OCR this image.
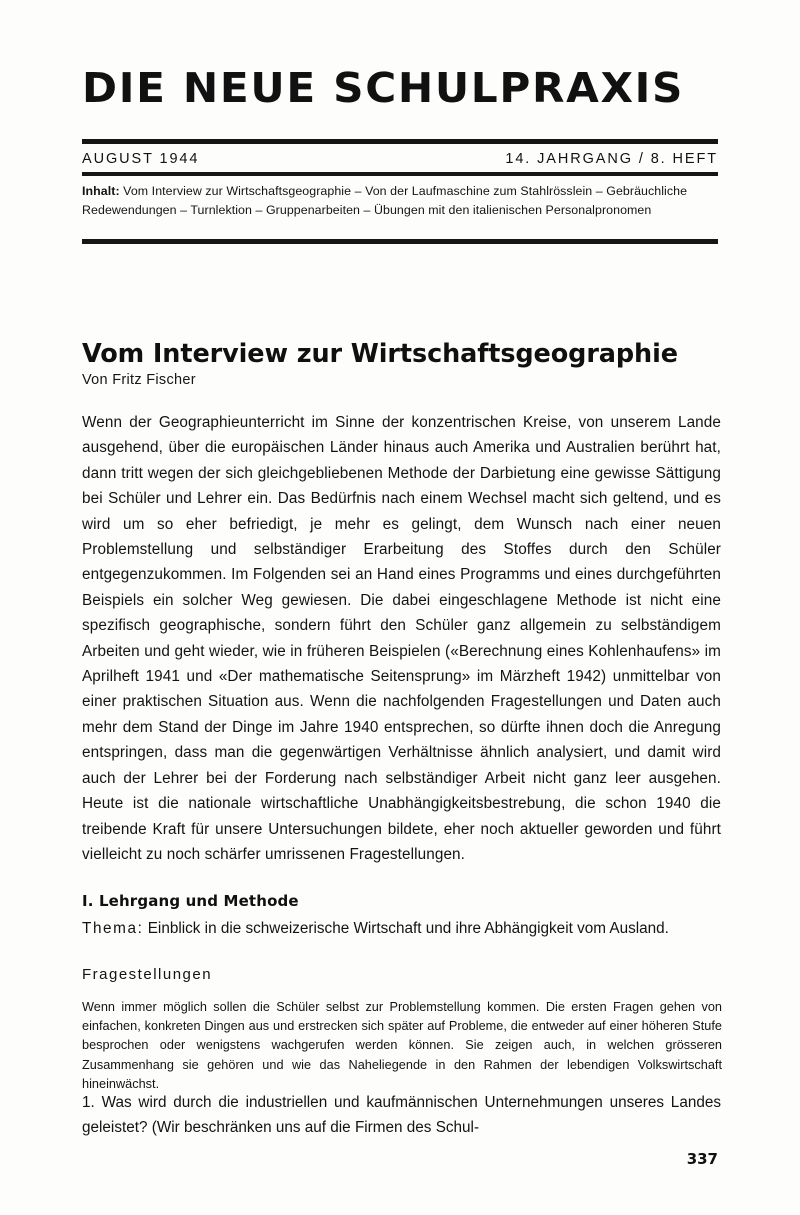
DIE NEUE SCHULPRAXIS
AUGUST 1944	14. JAHRGANG / 8. HEFT
Inhalt: Vom Interview zur Wirtschaftsgeographie – Von der Laufmaschine zum Stahlrösslein – Gebräuchliche Redewendungen – Turnlektion – Gruppenarbeiten – Übungen mit den italienischen Personalpronomen
Vom Interview zur Wirtschaftsgeographie
Von Fritz Fischer

Wenn der Geographieunterricht im Sinne der konzentrischen Kreise, von unserem Lande ausgehend, über die europäischen Länder hinaus auch Amerika und Australien berührt hat, dann tritt wegen der sich gleichgebliebenen Methode der Darbietung eine gewisse Sättigung bei Schüler und Lehrer ein. Das Bedürfnis nach einem Wechsel macht sich geltend, und es wird um so eher befriedigt, je mehr es gelingt, dem Wunsch nach einer neuen Problemstellung und selbständiger Erarbeitung des Stoffes durch den Schüler entgegenzukommen. Im Folgenden sei an Hand eines Programms und eines durchgeführten Beispiels ein solcher Weg gewiesen. Die dabei eingeschlagene Methode ist nicht eine spezifisch geographische, sondern führt den Schüler ganz allgemein zu selbständigem Arbeiten und geht wieder, wie in früheren Beispielen («Berechnung eines Kohlenhaufens» im Aprilheft 1941 und «Der mathematische Seitensprung» im Märzheft 1942) unmittelbar von einer praktischen Situation aus. Wenn die nachfolgenden Fragestellungen und Daten auch mehr dem Stand der Dinge im Jahre 1940 entsprechen, so dürfte ihnen doch die Anregung entspringen, dass man die gegenwärtigen Verhältnisse ähnlich analysiert, und damit wird auch der Lehrer bei der Forderung nach selbständiger Arbeit nicht ganz leer ausgehen. Heute ist die nationale wirtschaftliche Unabhängigkeitsbestrebung, die schon 1940 die treibende Kraft für unsere Untersuchungen bildete, eher noch aktueller geworden und führt vielleicht zu noch schärfer umrissenen Fragestellungen.

I. Lehrgang und Methode
Thema: Einblick in die schweizerische Wirtschaft und ihre Abhängigkeit vom Ausland.
Fragestellungen

Wenn immer möglich sollen die Schüler selbst zur Problemstellung kommen. Die ersten Fragen gehen von einfachen, konkreten Dingen aus und erstrecken sich später auf Probleme, die entweder auf einer höheren Stufe besprochen oder wenigstens wachgerufen werden können. Sie zeigen auch, in welchen grösseren Zusammenhang sie gehören und wie das Naheliegende in den Rahmen der lebendigen Volkswirtschaft hineinwächst.

1. Was wird durch die industriellen und kaufmännischen Unternehmungen unseres Landes geleistet? (Wir beschränken uns auf die Firmen des Schul-

337
